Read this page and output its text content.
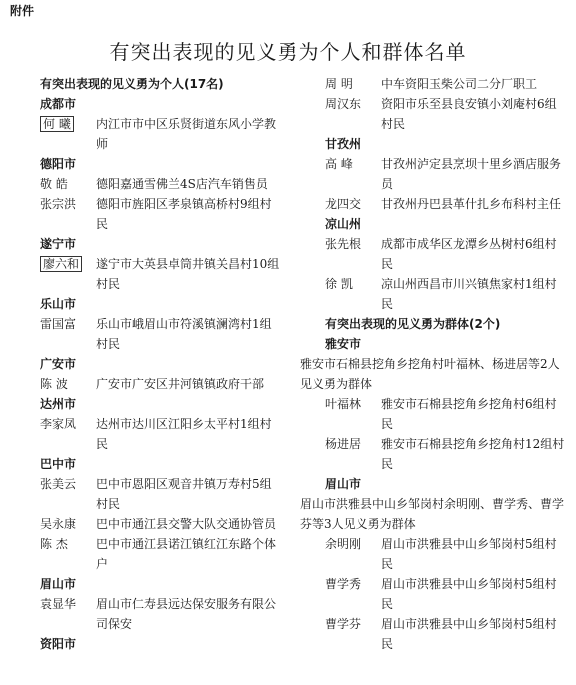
附件
有突出表现的见义勇为个人和群体名单
有突出表现的见义勇为个人(17名)
成都市
何 曦	内江市市中区乐贤街道东风小学教师
德阳市
敬 皓	德阳嘉通雪佛兰4S店汽车销售员
张宗洪	德阳市旌阳区孝泉镇高桥村9组村民
遂宁市
廖六和	遂宁市大英县卓筒井镇关昌村10组村民
乐山市
雷国富	乐山市峨眉山市符溪镇澜湾村1组村民
广安市
陈 波	广安市广安区井河镇镇政府干部
达州市
李家凤	达州市达川区江阳乡太平村1组村民
巴中市
张美云	巴中市恩阳区观音井镇万寿村5组村民
吴永康	巴中市通江县交警大队交通协管员
陈 杰	巴中市通江县诺江镇红江东路个体户
眉山市
袁显华	眉山市仁寿县远达保安服务有限公司保安
资阳市
周 明	中车资阳玉柴公司二分厂职工
周汉东	资阳市乐至县良安镇小刘庵村6组村民
甘孜州
高 峰	甘孜州泸定县烹坝十里乡酒店服务员
龙四交	甘孜州丹巴县革什扎乡布科村主任
凉山州
张先根	成都市成华区龙潭乡丛树村6组村民
徐 凯	凉山州西昌市川兴镇焦家村1组村民
有突出表现的见义勇为群体(2个)
雅安市
雅安市石棉县挖角乡挖角村叶福林、杨进居等2人见义勇为群体
叶福林	雅安市石棉县挖角乡挖角村6组村民
杨进居	雅安市石棉县挖角乡挖角村12组村民
眉山市
眉山市洪雅县中山乡邹岗村余明刚、曹学秀、曹学芬等3人见义勇为群体
余明刚	眉山市洪雅县中山乡邹岗村5组村民
曹学秀	眉山市洪雅县中山乡邹岗村5组村民
曹学芬	眉山市洪雅县中山乡邹岗村5组村民
